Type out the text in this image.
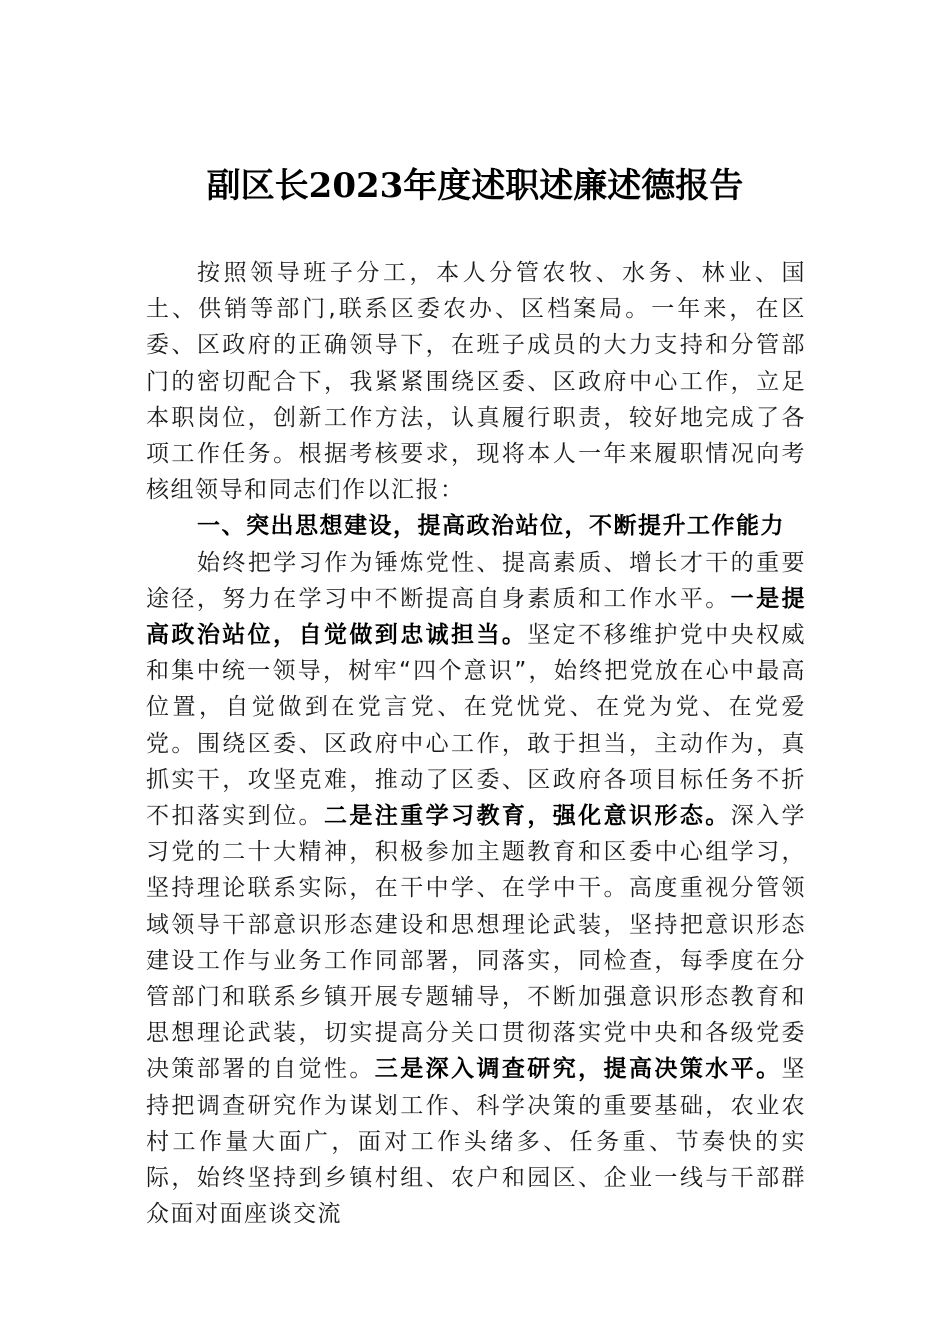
副区长2023年度述职述廉述德报告

按照领导班子分工，本人分管农牧、水务、林业、国土、供销等部门,联系区委农办、区档案局。一年来，在区委、区政府的正确领导下，在班子成员的大力支持和分管部门的密切配合下，我紧紧围绕区委、区政府中心工作，立足本职岗位，创新工作方法，认真履行职责，较好地完成了各项工作任务。根据考核要求，现将本人一年来履职情况向考核组领导和同志们作以汇报：

一、突出思想建设，提高政治站位，不断提升工作能力

始终把学习作为锤炼党性、提高素质、增长才干的重要途径，努力在学习中不断提高自身素质和工作水平。一是提高政治站位，自觉做到忠诚担当。坚定不移维护党中央权威和集中统一领导，树牢“四个意识”，始终把党放在心中最高位置，自觉做到在党言党、在党忧党、在党为党、在党爱党。围绕区委、区政府中心工作，敢于担当，主动作为，真抓实干，攻坚克难，推动了区委、区政府各项目标任务不折不扣落实到位。二是注重学习教育，强化意识形态。深入学习党的二十大精神，积极参加主题教育和区委中心组学习，坚持理论联系实际，在干中学、在学中干。高度重视分管领域领导干部意识形态建设和思想理论武装，坚持把意识形态建设工作与业务工作同部署，同落实，同检查，每季度在分管部门和联系乡镇开展专题辅导，不断加强意识形态教育和思想理论武装，切实提高分关口贯彻落实党中央和各级党委决策部署的自觉性。三是深入调查研究，提高决策水平。坚持把调查研究作为谋划工作、科学决策的重要基础，农业农村工作量大面广，面对工作头绪多、任务重、节奏快的实际，始终坚持到乡镇村组、农户和园区、企业一线与干部群众面对面座谈交流
